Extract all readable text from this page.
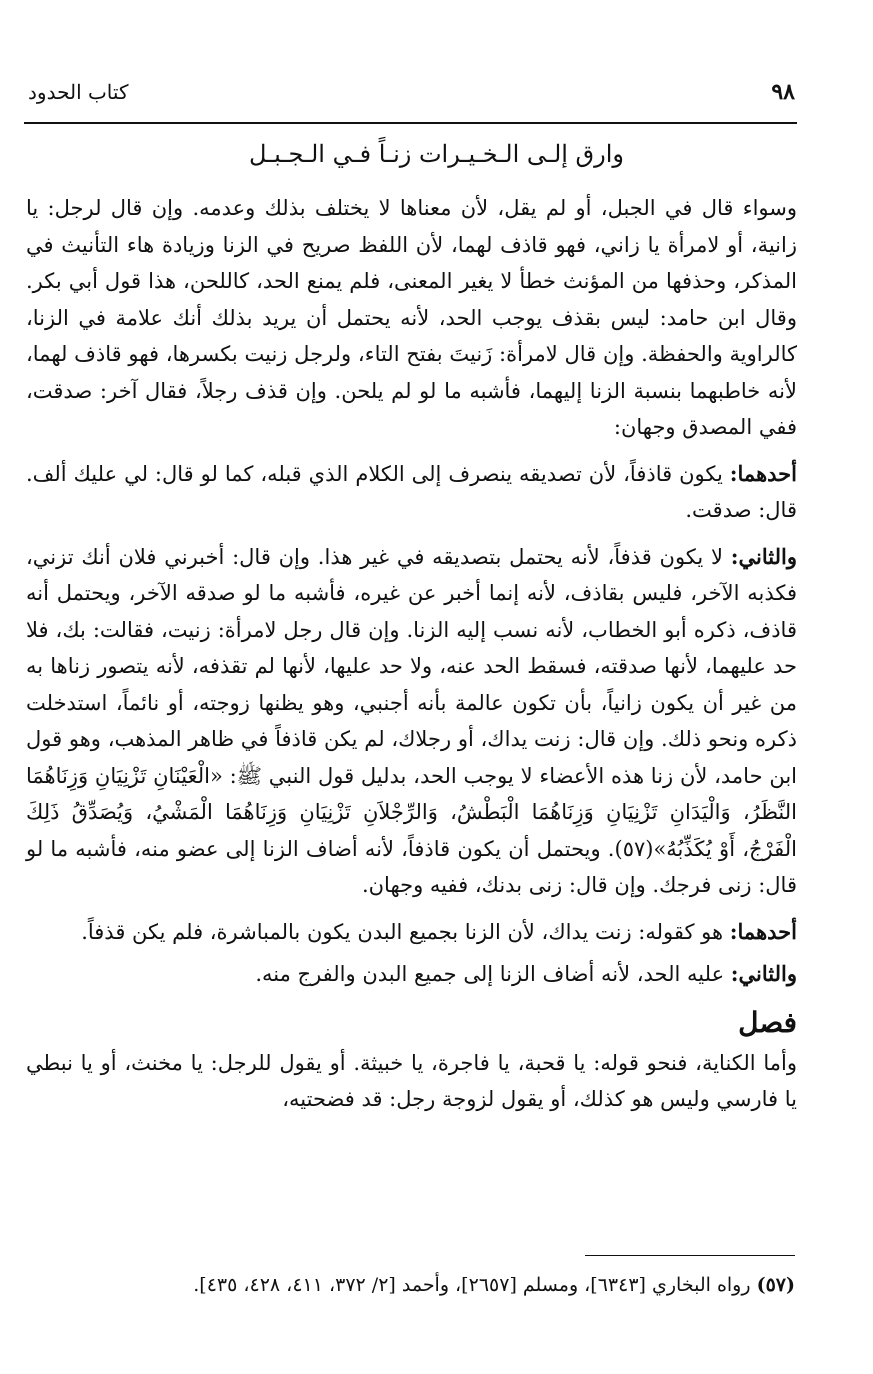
٩٨
كتاب الحدود
وارق إلـى الـخـيـرات زنـاً فـي الـجـبـل

وسواء قال في الجبل، أو لم يقل، لأن معناها لا يختلف بذلك وعدمه. وإن قال لرجل: يا زانية، أو لامرأة يا زاني، فهو قاذف لهما، لأن اللفظ صريح في الزنا وزيادة هاء التأنيث في المذكر، وحذفها من المؤنث خطأ لا يغير المعنى، فلم يمنع الحد، كاللحن، هذا قول أبي بكر. وقال ابن حامد: ليس بقذف يوجب الحد، لأنه يحتمل أن يريد بذلك أنك علامة في الزنا، كالراوية والحفظة. وإن قال لامرأة: زَنيتَ بفتح التاء، ولرجل زنيت بكسرها، فهو قاذف لهما، لأنه خاطبهما بنسبة الزنا إليهما، فأشبه ما لو لم يلحن. وإن قذف رجلاً، فقال آخر: صدقت، ففي المصدق وجهان:

أحدهما: يكون قاذفاً، لأن تصديقه ينصرف إلى الكلام الذي قبله، كما لو قال: لي عليك ألف. قال: صدقت.

والثاني: لا يكون قذفاً، لأنه يحتمل بتصديقه في غير هذا. وإن قال: أخبرني فلان أنك تزني، فكذبه الآخر، فليس بقاذف، لأنه إنما أخبر عن غيره، فأشبه ما لو صدقه الآخر، ويحتمل أنه قاذف، ذكره أبو الخطاب، لأنه نسب إليه الزنا. وإن قال رجل لامرأة: زنيت، فقالت: بك، فلا حد عليهما، لأنها صدقته، فسقط الحد عنه، ولا حد عليها، لأنها لم تقذفه، لأنه يتصور زناها به من غير أن يكون زانياً، بأن تكون عالمة بأنه أجنبي، وهو يظنها زوجته، أو نائماً، استدخلت ذكره ونحو ذلك. وإن قال: زنت يداك، أو رجلاك، لم يكن قاذفاً في ظاهر المذهب، وهو قول ابن حامد، لأن زنا هذه الأعضاء لا يوجب الحد، بدليل قول النبي ﷺ: «الْعَيْنَانِ تَزْنِيَانِ وَزِنَاهُمَا النَّظَرُ، وَالْيَدَانِ تَزْنِيَانِ وَزِنَاهُمَا الْبَطْشُ، وَالرِّجْلاَنِ تَزْنِيَانِ وَزِنَاهُمَا الْمَشْيُ، وَيُصَدِّقُ ذَلِكَ الْفَرْجُ، أَوْ يُكَذِّبُهُ»(٥٧). ويحتمل أن يكون قاذفاً، لأنه أضاف الزنا إلى عضو منه، فأشبه ما لو قال: زنى فرجك. وإن قال: زنى بدنك، ففيه وجهان.

أحدهما: هو كقوله: زنت يداك، لأن الزنا بجميع البدن يكون بالمباشرة، فلم يكن قذفاً.

والثاني: عليه الحد، لأنه أضاف الزنا إلى جميع البدن والفرج منه.

فصل

وأما الكناية، فنحو قوله: يا قحبة، يا فاجرة، يا خبيثة. أو يقول للرجل: يا مخنث، أو يا نبطي يا فارسي وليس هو كذلك، أو يقول لزوجة رجل: قد فضحتيه،

(٥٧) رواه البخاري [٦٣٤٣]، ومسلم [٢٦٥٧]، وأحمد [٢/ ٣٧٢، ٤١١، ٤٢٨، ٤٣٥].
